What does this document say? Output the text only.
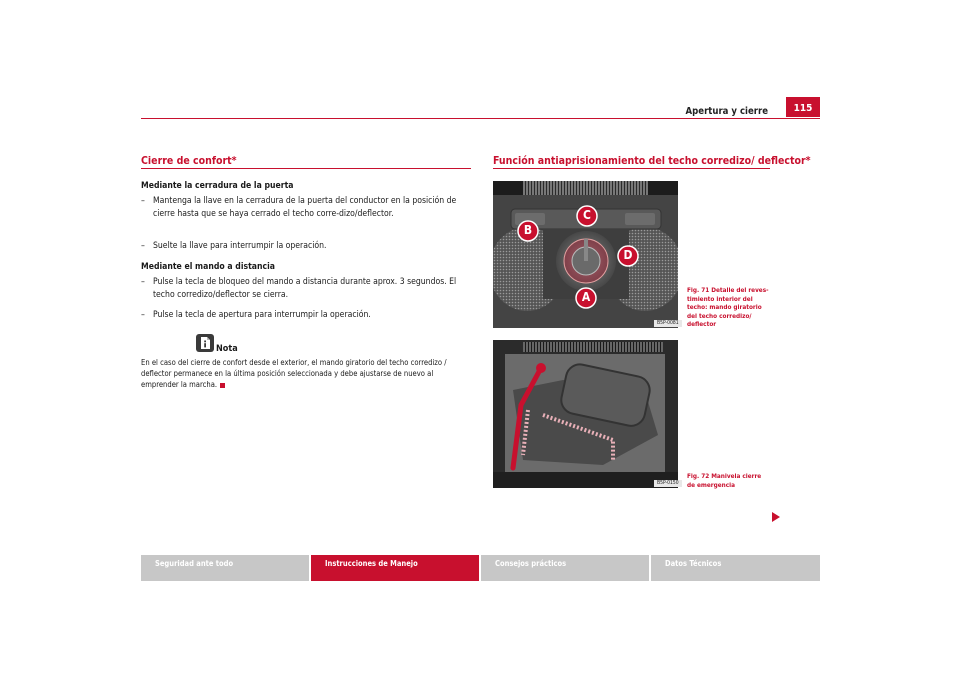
Apertura y cierre	115
Cierre de confort*
Mediante la cerradura de la puerta
– Mantenga la llave en la cerradura de la puerta del conductor en la posición de cierre hasta que se haya cerrado el techo corre-dizo/deflector.
– Suelte la llave para interrumpir la operación.
Mediante el mando a distancia
– Pulse la tecla de bloqueo del mando a distancia durante aprox. 3 segundos. El techo corredizo/deflector se cierra.
– Pulse la tecla de apertura para interrumpir la operación.
Nota
En el caso del cierre de confort desde el exterior, el mando giratorio del techo corredizo / deflector permanece en la última posición seleccionada y debe ajustarse de nuevo al emprender la marcha.
Función antiaprisionamiento del techo corredizo/ deflector*
B5P-0081
A
B
C
D
Fig. 71 Detalle del reves-timiento interior del techo: mando giratorio del techo corredizo/ deflector
B5P-0150
Fig. 72 Manivela cierre de emergencia
Seguridad ante todo	Instrucciones de Manejo	Consejos prácticos	Datos Técnicos
